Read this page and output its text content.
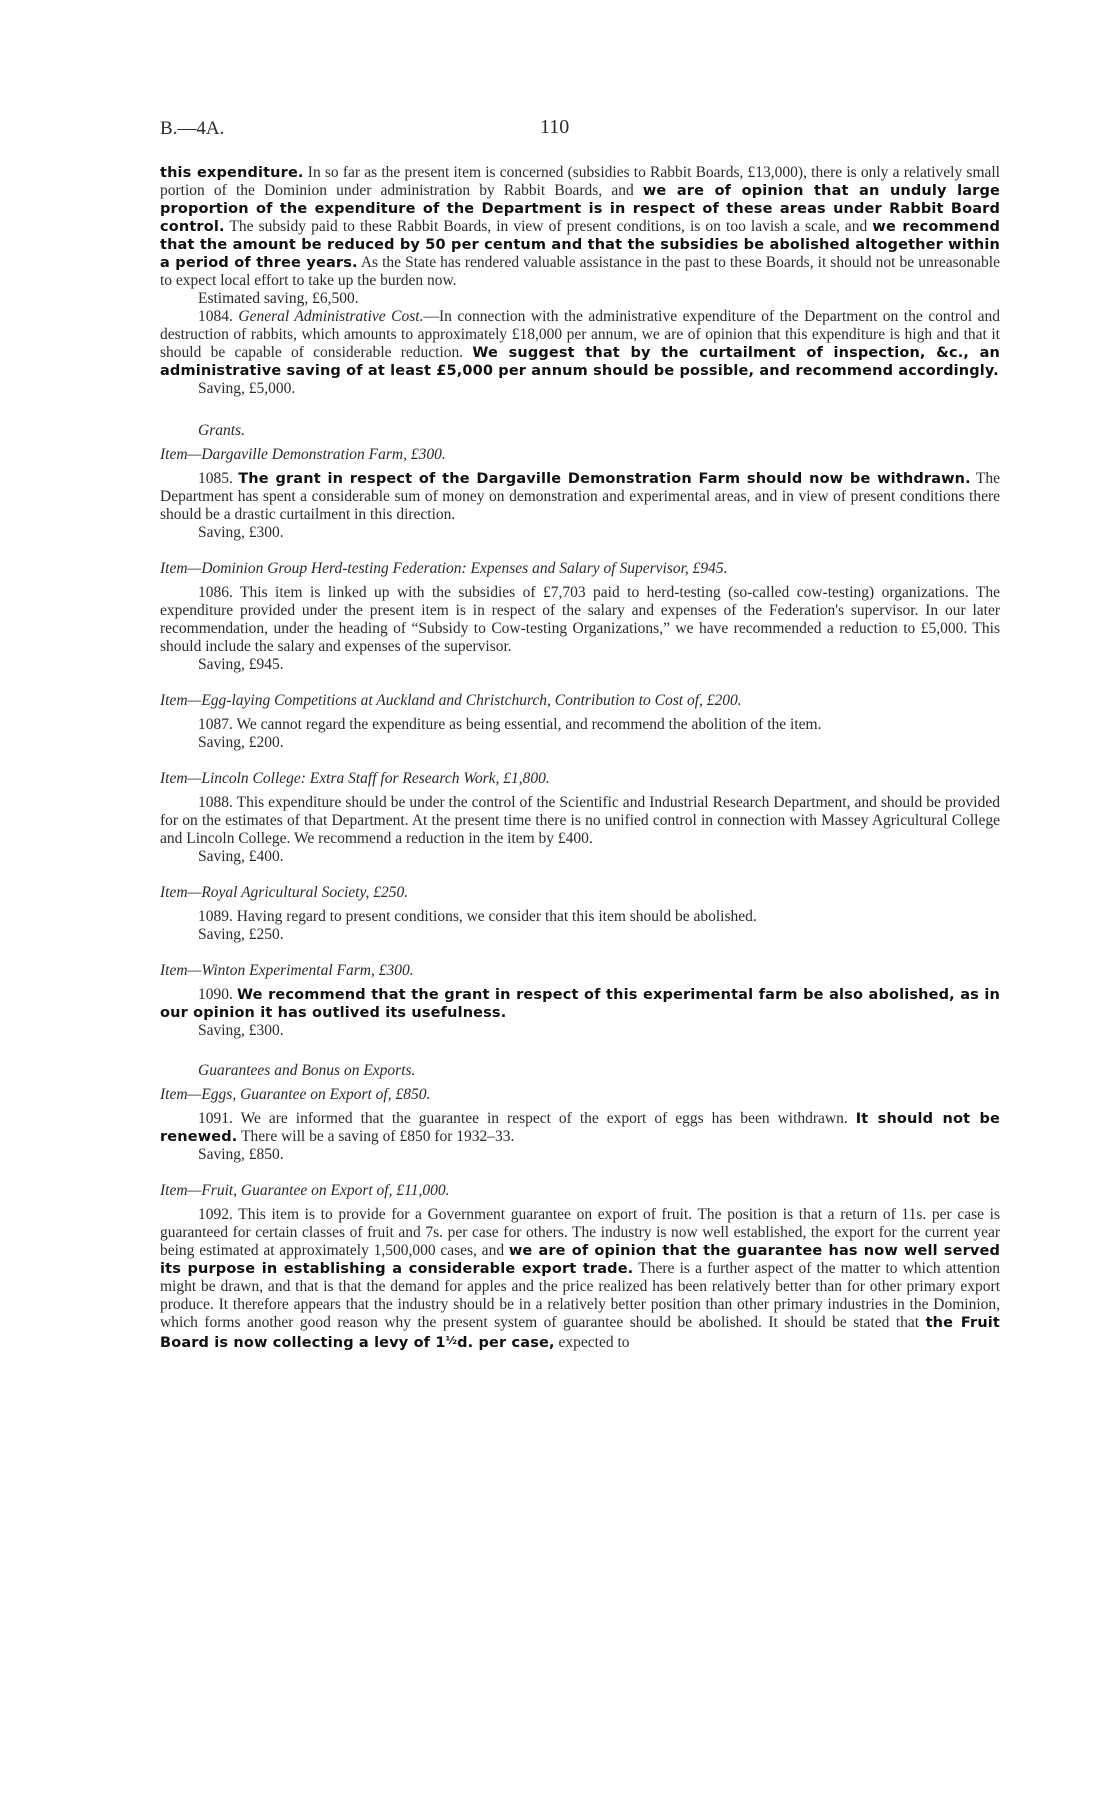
B.—4A.	110

this expenditure. In so far as the present item is concerned (subsidies to Rabbit Boards, £13,000), there is only a relatively small portion of the Dominion under administration by Rabbit Boards, and we are of opinion that an unduly large proportion of the expenditure of the Department is in respect of these areas under Rabbit Board control. The subsidy paid to these Rabbit Boards, in view of present conditions, is on too lavish a scale, and we recommend that the amount be reduced by 50 per centum and that the subsidies be abolished altogether within a period of three years. As the State has rendered valuable assistance in the past to these Boards, it should not be unreasonable to expect local effort to take up the burden now.

Estimated saving, £6,500.

1084. General Administrative Cost.—In connection with the administrative expenditure of the Department on the control and destruction of rabbits, which amounts to approximately £18,000 per annum, we are of opinion that this expenditure is high and that it should be capable of considerable reduction. We suggest that by the curtailment of inspection, &c., an administrative saving of at least £5,000 per annum should be possible, and recommend accordingly.

Saving, £5,000.

Grants.

Item—Dargaville Demonstration Farm, £300.

1085. The grant in respect of the Dargaville Demonstration Farm should now be withdrawn. The Department has spent a considerable sum of money on demonstration and experimental areas, and in view of present conditions there should be a drastic curtailment in this direction.

Saving, £300.

Item—Dominion Group Herd-testing Federation: Expenses and Salary of Supervisor, £945.

1086. This item is linked up with the subsidies of £7,703 paid to herd-testing (so-called cow-testing) organizations. The expenditure provided under the present item is in respect of the salary and expenses of the Federation's supervisor. In our later recommendation, under the heading of “Subsidy to Cow-testing Organizations,” we have recommended a reduction to £5,000. This should include the salary and expenses of the supervisor.

Saving, £945.

Item—Egg-laying Competitions at Auckland and Christchurch, Contribution to Cost of, £200.

1087. We cannot regard the expenditure as being essential, and recommend the abolition of the item.

Saving, £200.

Item—Lincoln College: Extra Staff for Research Work, £1,800.

1088. This expenditure should be under the control of the Scientific and Industrial Research Department, and should be provided for on the estimates of that Department. At the present time there is no unified control in connection with Massey Agricultural College and Lincoln College. We recommend a reduction in the item by £400.

Saving, £400.

Item—Royal Agricultural Society, £250.

1089. Having regard to present conditions, we consider that this item should be abolished.

Saving, £250.

Item—Winton Experimental Farm, £300.

1090. We recommend that the grant in respect of this experimental farm be also abolished, as in our opinion it has outlived its usefulness.

Saving, £300.

Guarantees and Bonus on Exports.

Item—Eggs, Guarantee on Export of, £850.

1091. We are informed that the guarantee in respect of the export of eggs has been withdrawn. It should not be renewed. There will be a saving of £850 for 1932–33.

Saving, £850.

Item—Fruit, Guarantee on Export of, £11,000.

1092. This item is to provide for a Government guarantee on export of fruit. The position is that a return of 11s. per case is guaranteed for certain classes of fruit and 7s. per case for others. The industry is now well established, the export for the current year being estimated at approximately 1,500,000 cases, and we are of opinion that the guarantee has now well served its purpose in establishing a considerable export trade. There is a further aspect of the matter to which attention might be drawn, and that is that the demand for apples and the price realized has been relatively better than for other primary export produce. It therefore appears that the industry should be in a relatively better position than other primary industries in the Dominion, which forms another good reason why the present system of guarantee should be abolished. It should be stated that the Fruit Board is now collecting a levy of 1½d. per case, expected to
